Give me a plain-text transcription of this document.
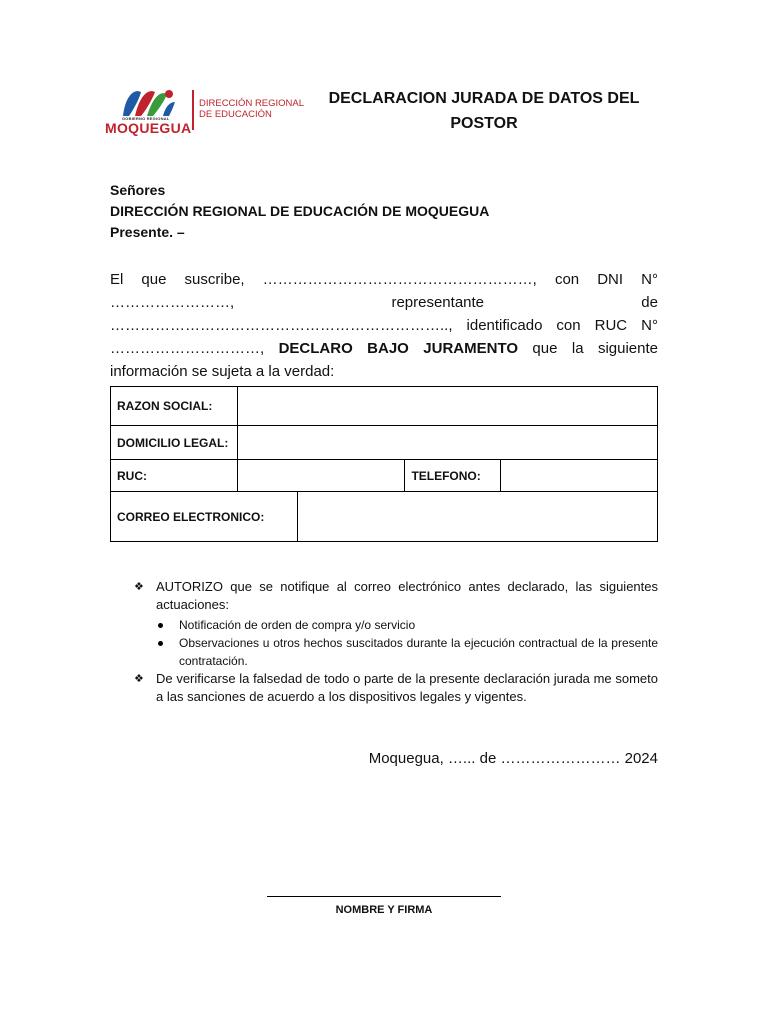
GOBIERNO REGIONAL
MOQUEGUA
DIRECCIÓN REGIONAL
DE EDUCACIÓN
DECLARACION JURADA DE DATOS DEL
POSTOR
Señores
DIRECCIÓN REGIONAL DE EDUCACIÓN DE MOQUEGUA
Presente. –
El que suscribe, ………………………………………………, con DNI N° ……………………, representante de ………………………………………………………….., identificado con RUC N° …………………………, DECLARO BAJO JURAMENTO que la siguiente información se sujeta a la verdad:
RAZON SOCIAL:				
DOMICILIO LEGAL:				
RUC:			TELEFONO:	
CORREO ELECTRONICO:				
❖ AUTORIZO que se notifique al correo electrónico antes declarado, las siguientes actuaciones:
Notificación de orden de compra y/o servicio
Observaciones u otros hechos suscitados durante la ejecución contractual de la presente contratación.
❖ De verificarse la falsedad de todo o parte de la presente declaración jurada me someto a las sanciones de acuerdo a los dispositivos legales y vigentes.
Moquegua, …... de …………………… 2024
NOMBRE Y FIRMA
